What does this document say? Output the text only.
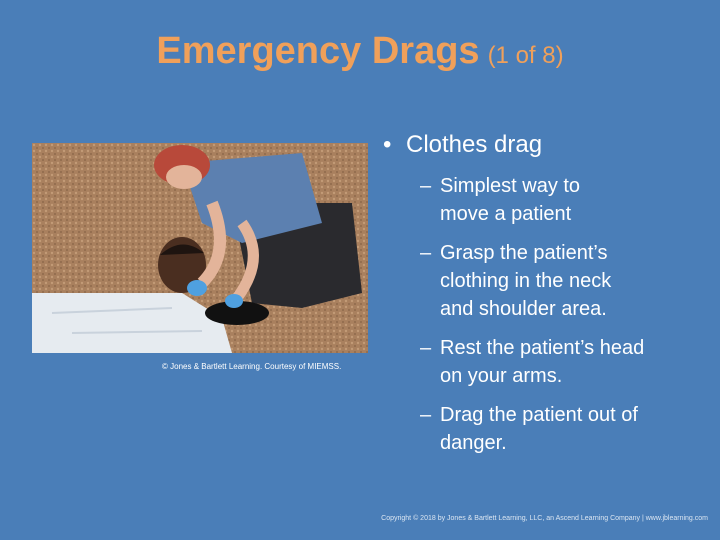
Emergency Drags (1 of 8)
© Jones & Bartlett Learning. Courtesy of MIEMSS.
• Clothes drag
– Simplest way to move a patient
– Grasp the patient’s clothing in the neck and shoulder area.
– Rest the patient’s head on your arms.
– Drag the patient out of danger.
Copyright © 2018 by Jones & Bartlett Learning, LLC, an Ascend Learning Company | www.jblearning.com
